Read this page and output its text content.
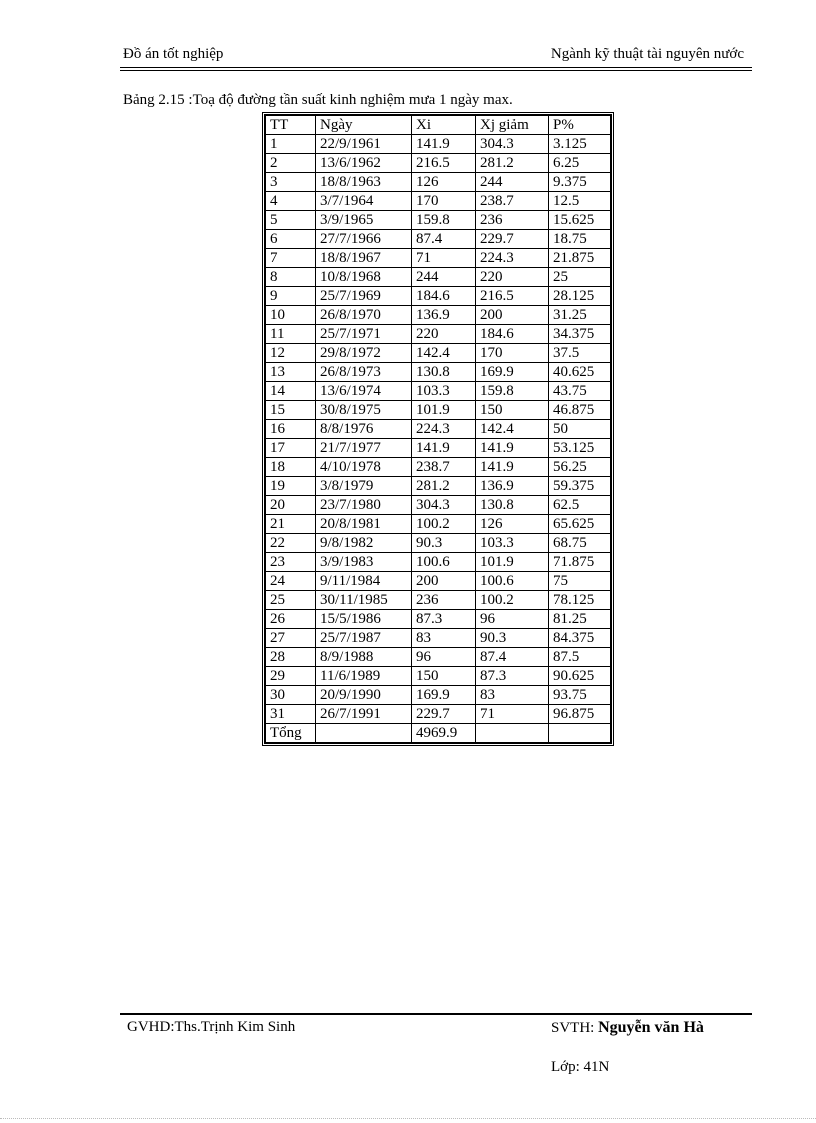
Đồ án tốt nghiệp	Ngành kỹ thuật tài nguyên nước
Bảng 2.15 :Toạ độ đường tần suất kinh nghiệm mưa 1 ngày max.
TT	Ngày	Xi	Xj giảm	P%
1	22/9/1961	141.9	304.3	3.125
2	13/6/1962	216.5	281.2	6.25
3	18/8/1963	126	244	9.375
4	3/7/1964	170	238.7	12.5
5	3/9/1965	159.8	236	15.625
6	27/7/1966	87.4	229.7	18.75
7	18/8/1967	71	224.3	21.875
8	10/8/1968	244	220	25
9	25/7/1969	184.6	216.5	28.125
10	26/8/1970	136.9	200	31.25
11	25/7/1971	220	184.6	34.375
12	29/8/1972	142.4	170	37.5
13	26/8/1973	130.8	169.9	40.625
14	13/6/1974	103.3	159.8	43.75
15	30/8/1975	101.9	150	46.875
16	8/8/1976	224.3	142.4	50
17	21/7/1977	141.9	141.9	53.125
18	4/10/1978	238.7	141.9	56.25
19	3/8/1979	281.2	136.9	59.375
20	23/7/1980	304.3	130.8	62.5
21	20/8/1981	100.2	126	65.625
22	9/8/1982	90.3	103.3	68.75
23	3/9/1983	100.6	101.9	71.875
24	9/11/1984	200	100.6	75
25	30/11/1985	236	100.2	78.125
26	15/5/1986	87.3	96	81.25
27	25/7/1987	83	90.3	84.375
28	8/9/1988	96	87.4	87.5
29	11/6/1989	150	87.3	90.625
30	20/9/1990	169.9	83	93.75
31	26/7/1991	229.7	71	96.875
Tổng		4969.9		
GVHD:Ths.Trịnh Kim Sinh	SVTH: Nguyễn văn Hà
Lớp: 41N
